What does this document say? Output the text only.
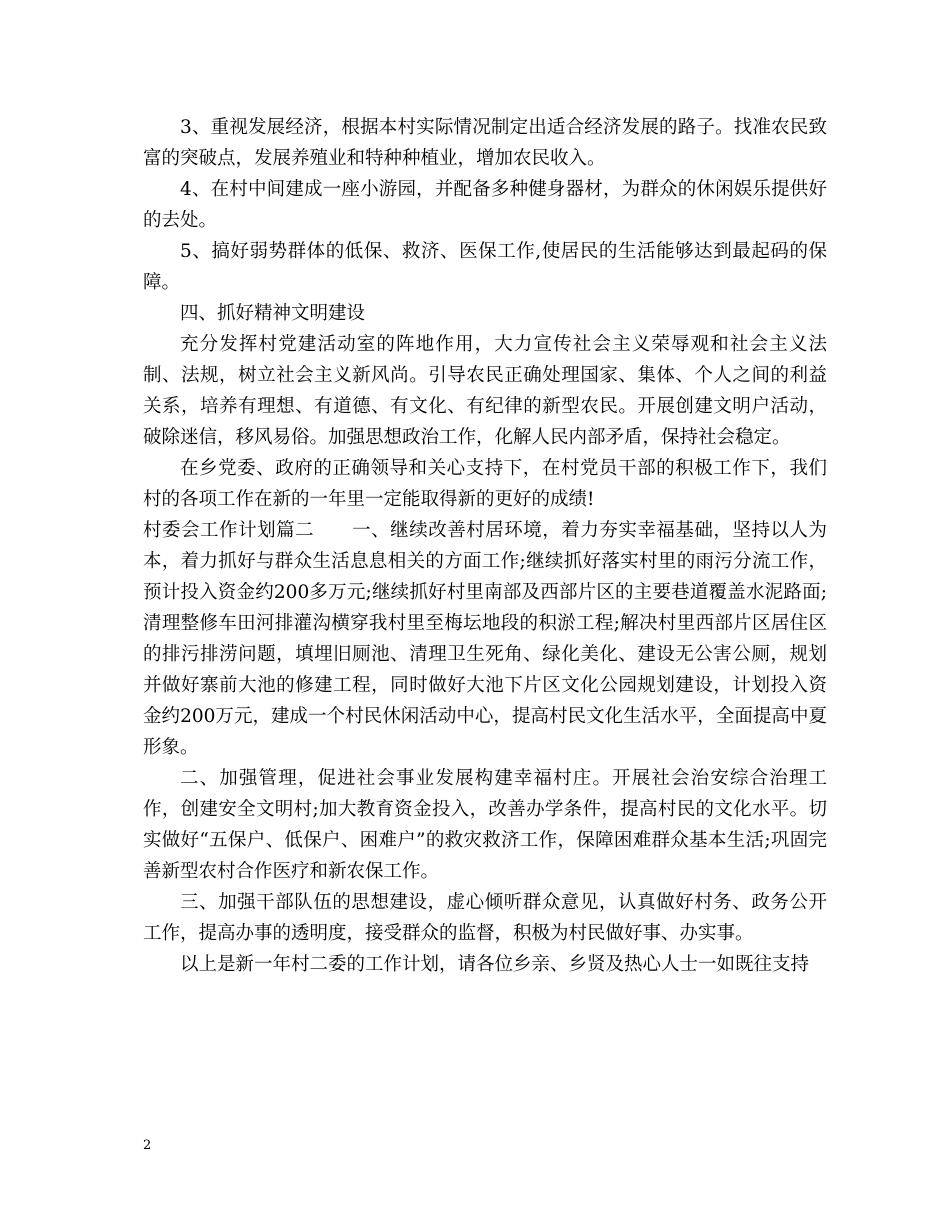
3、重视发展经济，根据本村实际情况制定出适合经济发展的路子。找准农民致富的突破点，发展养殖业和特种种植业，增加农民收入。

4、在村中间建成一座小游园，并配备多种健身器材，为群众的休闲娱乐提供好的去处。

5、搞好弱势群体的低保、救济、医保工作,使居民的生活能够达到最起码的保障。

四、抓好精神文明建设

充分发挥村党建活动室的阵地作用，大力宣传社会主义荣辱观和社会主义法制、法规，树立社会主义新风尚。引导农民正确处理国家、集体、个人之间的利益关系，培养有理想、有道德、有文化、有纪律的新型农民。开展创建文明户活动，破除迷信，移风易俗。加强思想政治工作，化解人民内部矛盾，保持社会稳定。

在乡党委、政府的正确领导和关心支持下，在村党员干部的积极工作下，我们村的各项工作在新的一年里一定能取得新的更好的成绩!

村委会工作计划篇二　　一、继续改善村居环境，着力夯实幸福基础，坚持以人为本，着力抓好与群众生活息息相关的方面工作;继续抓好落实村里的雨污分流工作，预计投入资金约200多万元;继续抓好村里南部及西部片区的主要巷道覆盖水泥路面;清理整修车田河排灌沟横穿我村里至梅坛地段的积淤工程;解决村里西部片区居住区的排污排涝问题，填埋旧厕池、清理卫生死角、绿化美化、建设无公害公厕，规划并做好寨前大池的修建工程，同时做好大池下片区文化公园规划建设，计划投入资金约200万元，建成一个村民休闲活动中心，提高村民文化生活水平，全面提高中夏形象。

二、加强管理，促进社会事业发展构建幸福村庄。开展社会治安综合治理工作，创建安全文明村;加大教育资金投入，改善办学条件，提高村民的文化水平。切实做好“五保户、低保户、困难户”的救灾救济工作，保障困难群众基本生活;巩固完善新型农村合作医疗和新农保工作。

三、加强干部队伍的思想建设，虚心倾听群众意见，认真做好村务、政务公开工作，提高办事的透明度，接受群众的监督，积极为村民做好事、办实事。

以上是新一年村二委的工作计划，请各位乡亲、乡贤及热心人士一如既往支持

2
